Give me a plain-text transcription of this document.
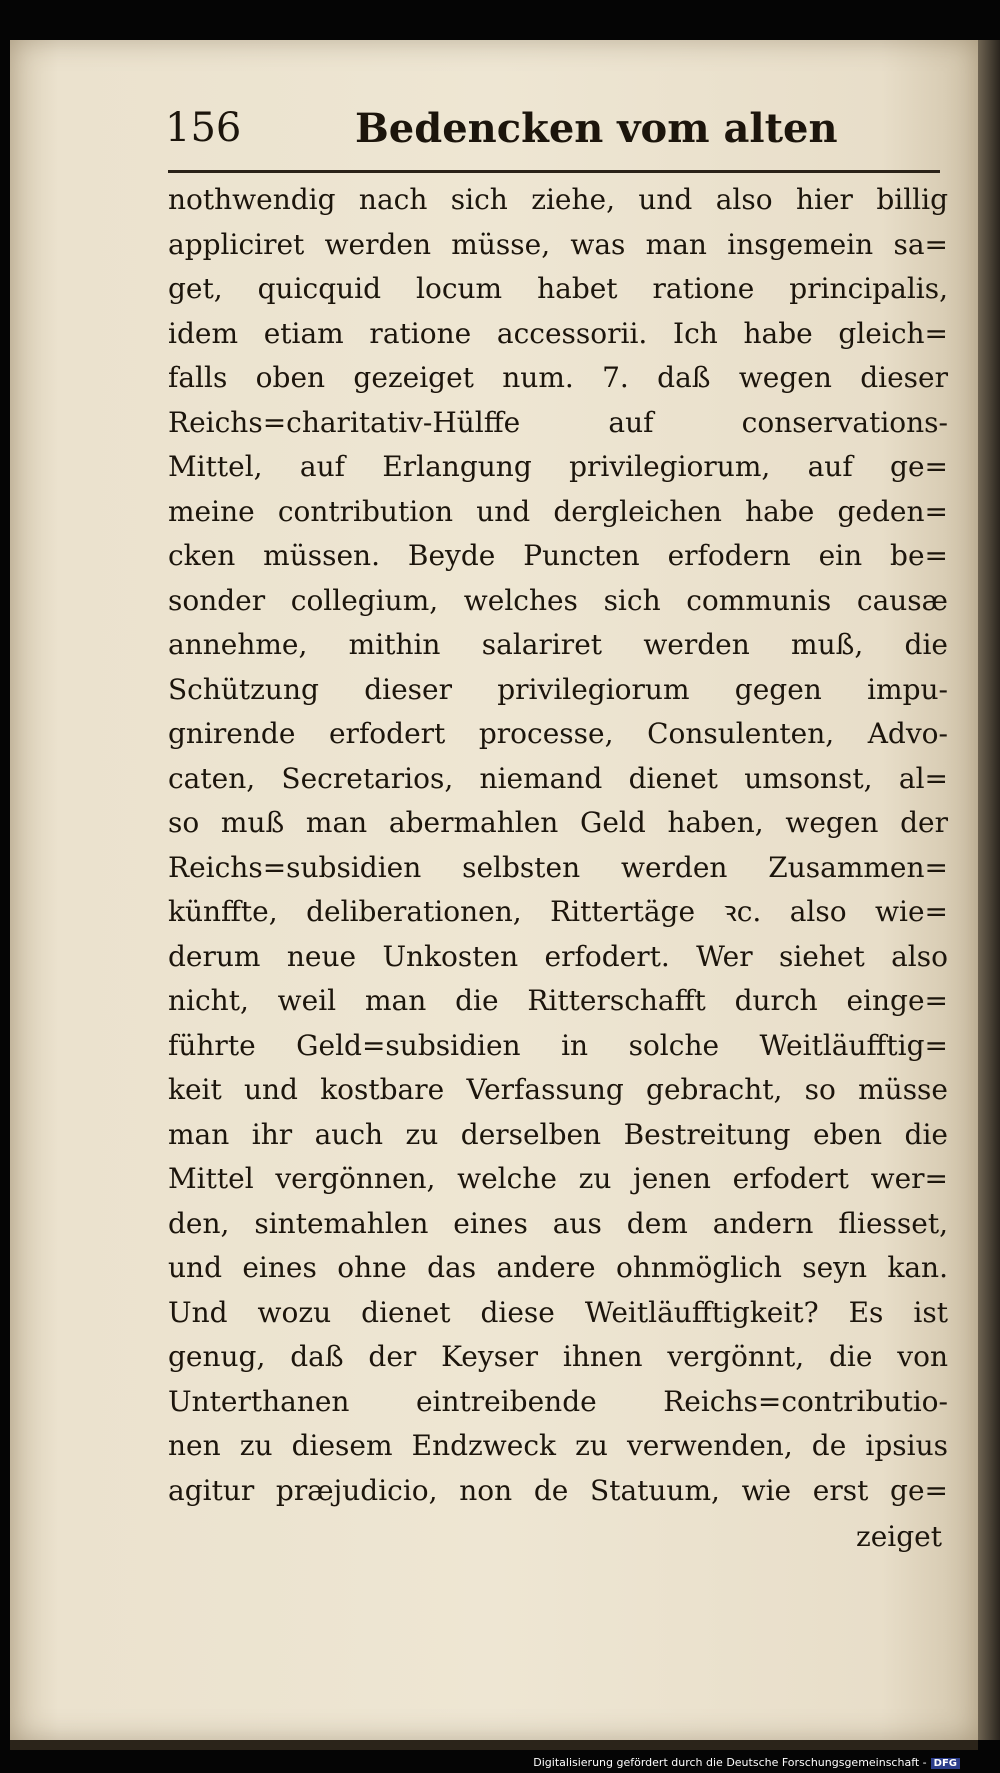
156	Bedencken vom alten
nothwendig nach sich ziehe, und also hier billig
appliciret werden müsse, was man insgemein sa=
get, quicquid locum habet ratione principalis,
idem etiam ratione accessorii. Ich habe gleich=
falls oben gezeiget num. 7. daß wegen dieser
Reichs=charitativ-Hülffe auf conservations-
Mittel, auf Erlangung privilegiorum, auf ge=
meine contribution und dergleichen habe geden=
cken müssen. Beyde Puncten erfodern ein be=
sonder collegium, welches sich communis causæ
annehme, mithin salariret werden muß, die
Schützung dieser privilegiorum gegen impu-
gnirende erfodert processe, Consulenten, Advo-
caten, Secretarios, niemand dienet umsonst, al=
so muß man abermahlen Geld haben, wegen der
Reichs=subsidien selbsten werden Zusammen=
künffte, deliberationen, Rittertäge ꝛc. also wie=
derum neue Unkosten erfodert. Wer siehet also
nicht, weil man die Ritterschafft durch einge=
führte Geld=subsidien in solche Weitläufftig=
keit und kostbare Verfassung gebracht, so müsse
man ihr auch zu derselben Bestreitung eben die
Mittel vergönnen, welche zu jenen erfodert wer=
den, sintemahlen eines aus dem andern fliesset,
und eines ohne das andere ohnmöglich seyn kan.
Und wozu dienet diese Weitläufftigkeit? Es ist
genug, daß der Keyser ihnen vergönnt, die von
Unterthanen eintreibende Reichs=contributio-
nen zu diesem Endzweck zu verwenden, de ipsius
agitur præjudicio, non de Statuum, wie erst ge=
zeiget
Digitalisierung gefördert durch die Deutsche Forschungsgemeinschaft - DFG
